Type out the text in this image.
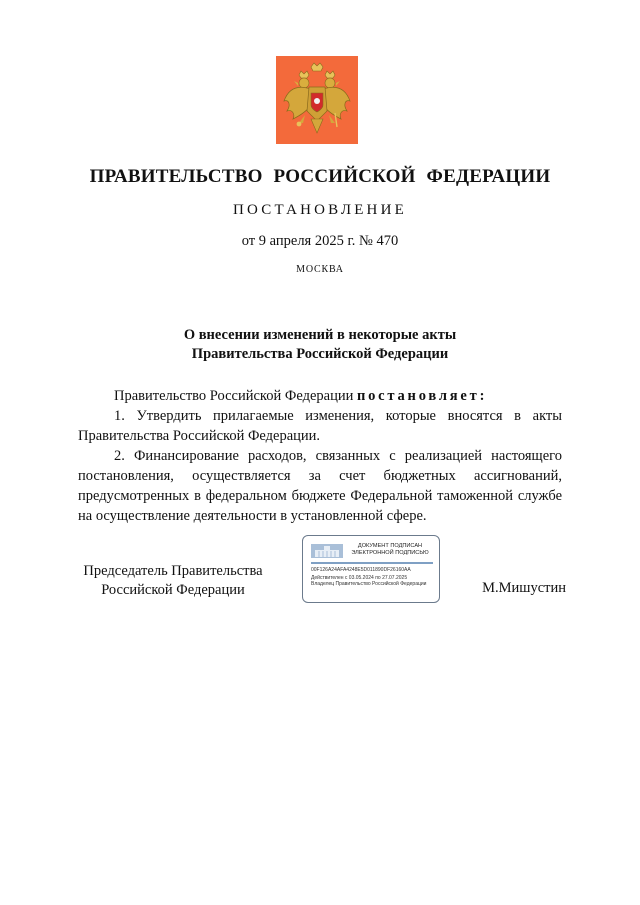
ПРАВИТЕЛЬСТВО РОССИЙСКОЙ ФЕДЕРАЦИИ
ПОСТАНОВЛЕНИЕ
от 9 апреля 2025 г. № 470
МОСКВА
О внесении изменений в некоторые акты
Правительства Российской Федерации

Правительство Российской Федерации постановляет:

1. Утвердить прилагаемые изменения, которые вносятся в акты Правительства Российской Федерации.

2. Финансирование расходов, связанных с реализацией настоящего постановления, осуществляется за счет бюджетных ассигнований, предусмотренных в федеральном бюджете Федеральной таможенной службе на осуществление деятельности в установленной сфере.

Председатель Правительства
Российской Федерации
ДОКУМЕНТ ПОДПИСАН
ЭЛЕКТРОННОЙ ПОДПИСЬЮ
00F126A24AFA4248E5D011890DF26160AA
Действителен с 03.05.2024 по 27.07.2025
Владелец Правительство Российской Федерации	М.Мишустин
